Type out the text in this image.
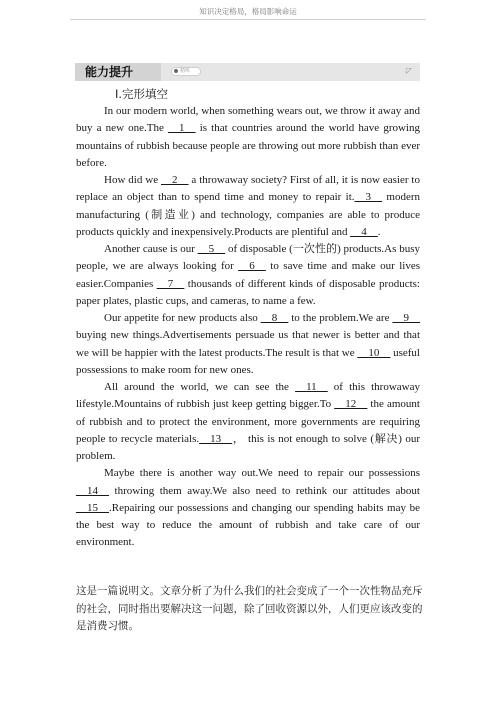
知识决定格局，格局影响命运
能力提升	精练	◸
Ⅰ.完形填空

In our modern world, when something wears out, we throw it away and buy a new one.The __1__ is that countries around the world have growing mountains of rubbish because people are throwing out more rubbish than ever before.

How did we __2__ a throwaway society? First of all, it is now easier to replace an object than to spend time and money to repair it.__3__ modern manufacturing (制造业) and technology, companies are able to produce products quickly and inexpensively.Products are plentiful and __4__.

Another cause is our __5__ of disposable (一次性的) products.As busy people, we are always looking for __6__ to save time and make our lives easier.Companies __7__ thousands of different kinds of disposable products: paper plates, plastic cups, and cameras, to name a few.

Our appetite for new products also __8__ to the problem.We are __9__ buying new things.Advertisements persuade us that newer is better and that we will be happier with the latest products.The result is that we __10__ useful possessions to make room for new ones.

All around the world, we can see the __11__ of this throwaway lifestyle.Mountains of rubbish just keep getting bigger.To __12__ the amount of rubbish and to protect the environment, more governments are requiring people to recycle materials.__13__， this is not enough to solve (解决) our problem.

Maybe there is another way out.We need to repair our possessions __14__ throwing them away.We also need to rethink our attitudes about __15__.Repairing our possessions and changing our spending habits may be the best way to reduce the amount of rubbish and take care of our environment.

这是一篇说明文。文章分析了为什么我们的社会变成了一个一次性物品充斥的社会，同时指出要解决这一问题，除了回收资源以外，人们更应该改变的是消费习惯。
